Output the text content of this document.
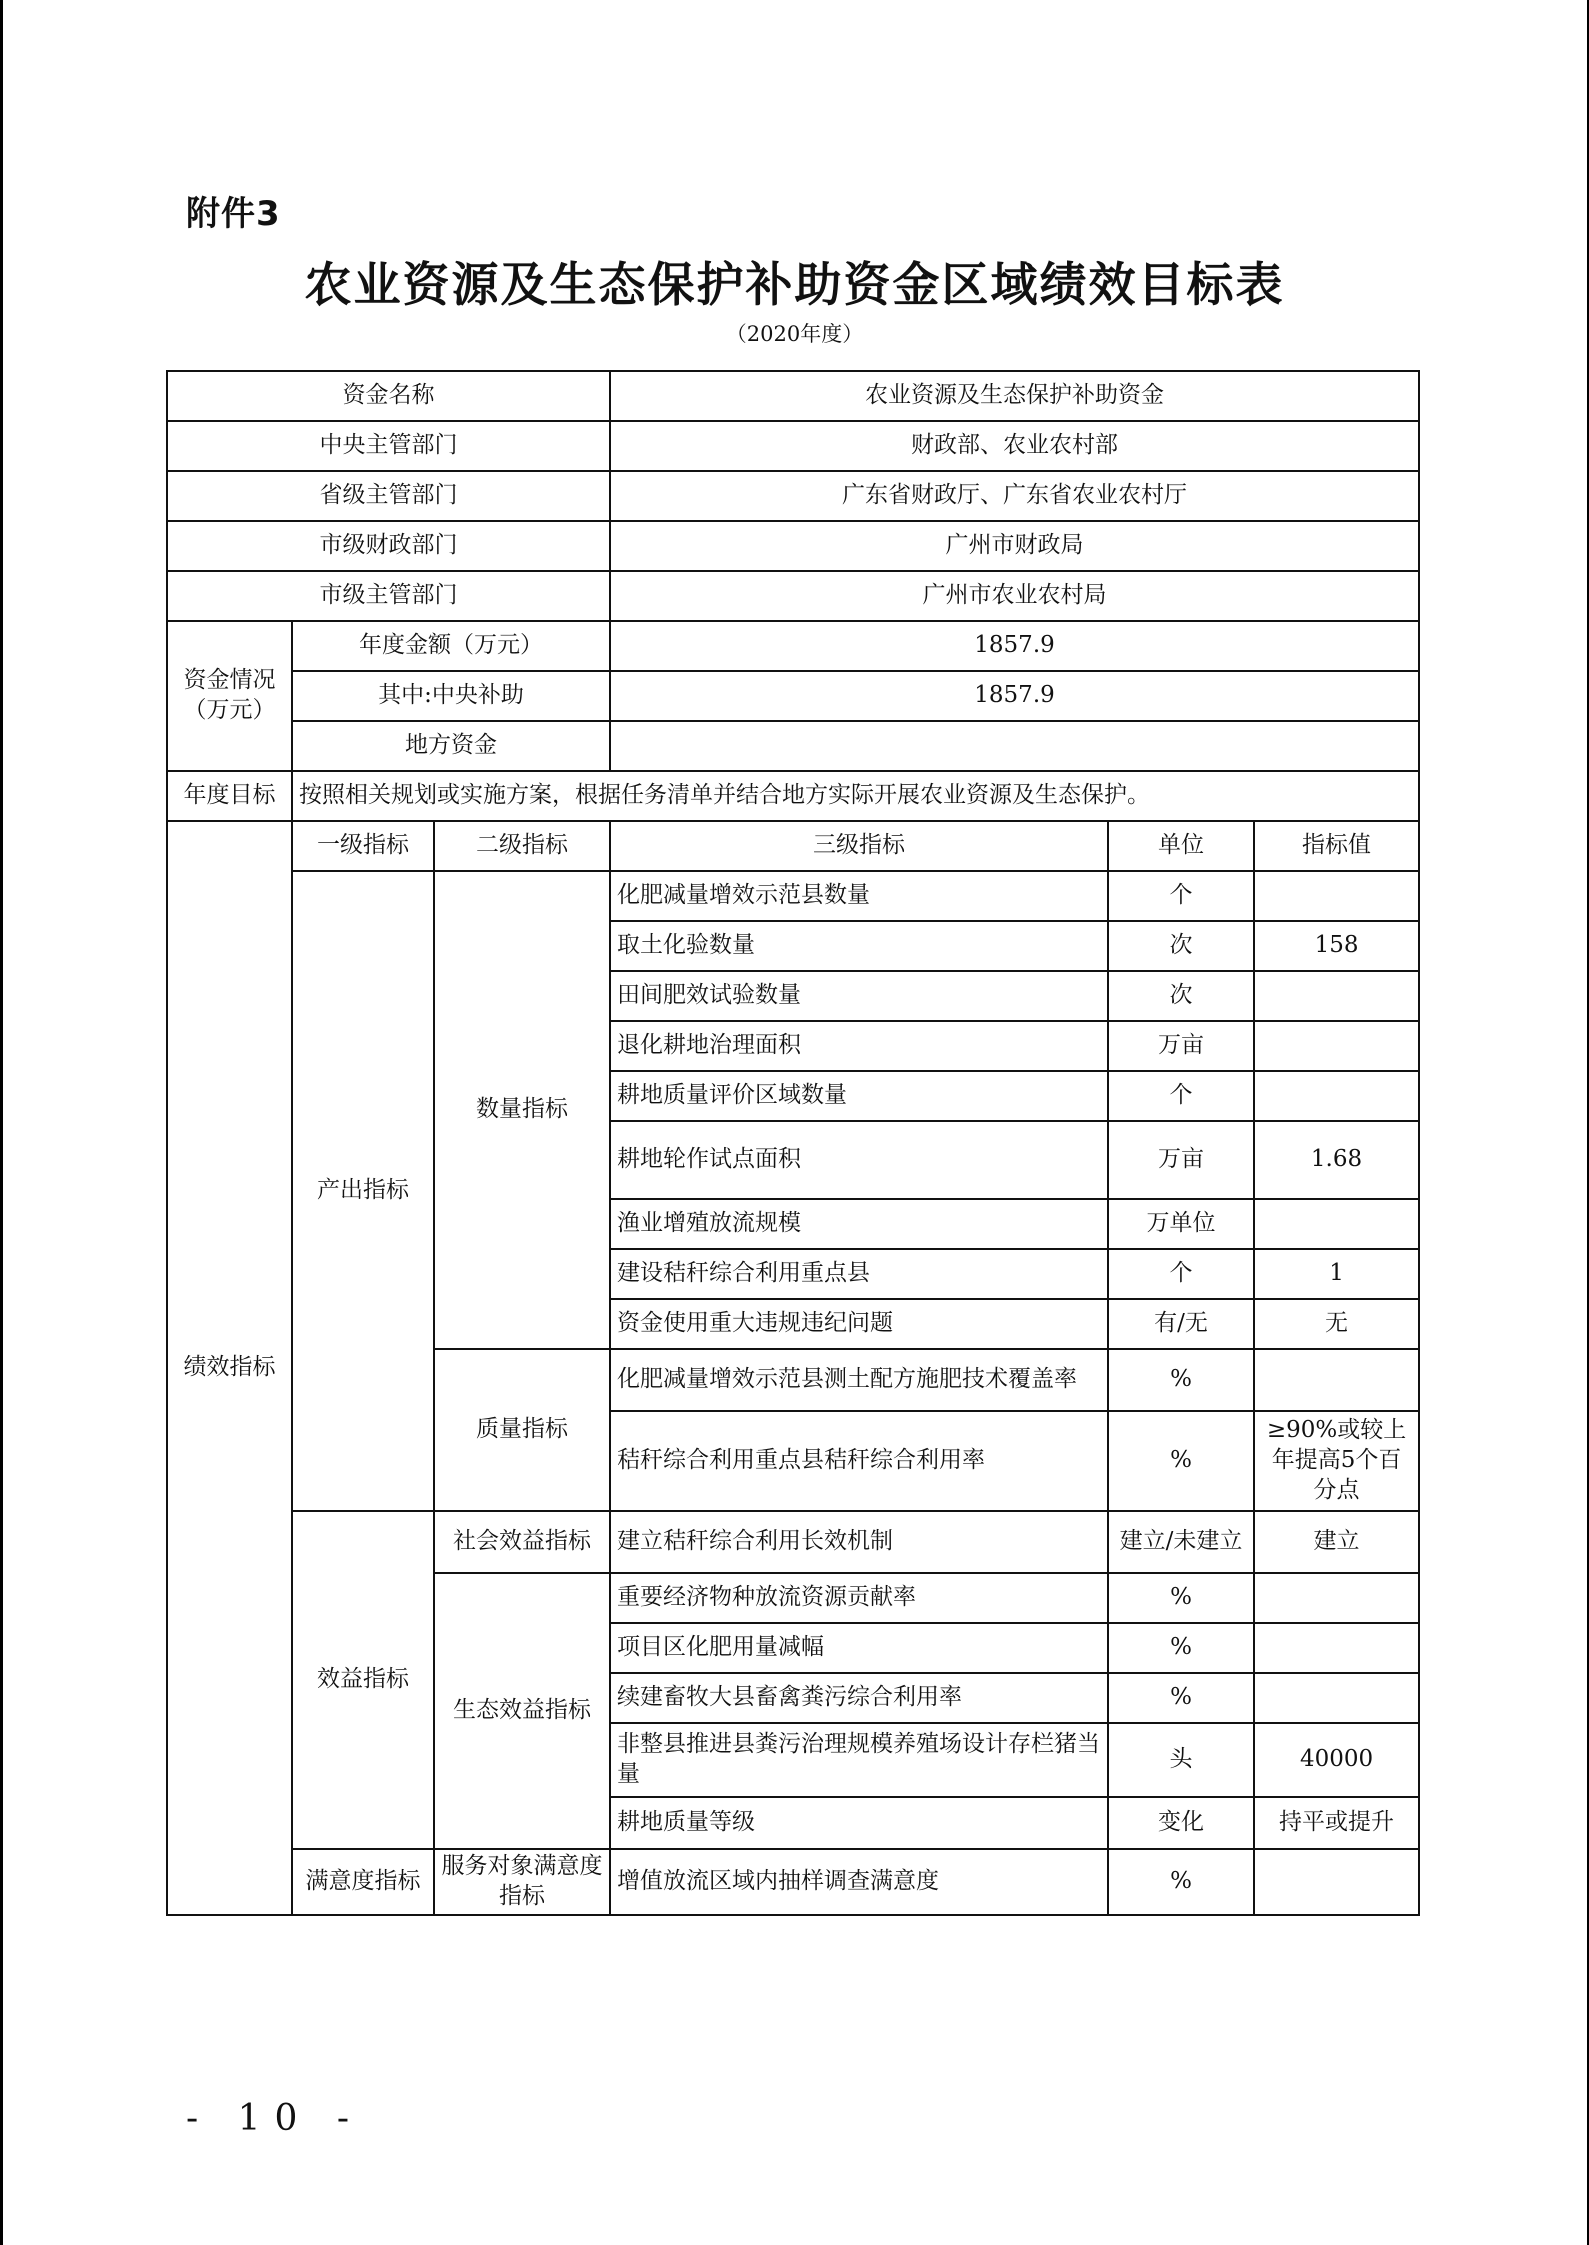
附件3
农业资源及生态保护补助资金区域绩效目标表
（2020年度）
资金名称			农业资源及生态保护补助资金		
中央主管部门			财政部、农业农村部		
省级主管部门			广东省财政厅、广东省农业农村厅		
市级财政部门			广州市财政局		
市级主管部门			广州市农业农村局		
资金情况（万元）	年度金额（万元）		1857.9		
	其中:中央补助		1857.9		
	地方资金				
年度目标	按照相关规划或实施方案，根据任务清单并结合地方实际开展农业资源及生态保护。				
绩效指标	一级指标	二级指标	三级指标	单位	指标值
	产出指标	数量指标	化肥减量增效示范县数量	个	
			取土化验数量	次	158
			田间肥效试验数量	次	
			退化耕地治理面积	万亩	
			耕地质量评价区域数量	个	
			耕地轮作试点面积	万亩	1.68
			渔业增殖放流规模	万单位	
			建设秸秆综合利用重点县	个	1
			资金使用重大违规违纪问题	有/无	无
		质量指标	化肥减量增效示范县测土配方施肥技术覆盖率	%	
			秸秆综合利用重点县秸秆综合利用率	%	≥90%或较上年提高5个百分点
	效益指标	社会效益指标	建立秸秆综合利用长效机制	建立/未建立	建立
		生态效益指标	重要经济物种放流资源贡献率	%	
			项目区化肥用量减幅	%	
			续建畜牧大县畜禽粪污综合利用率	%	
			非整县推进县粪污治理规模养殖场设计存栏猪当量	头	40000
			耕地质量等级	变化	持平或提升
	满意度指标	服务对象满意度指标	增值放流区域内抽样调查满意度	%	
- 10 -
